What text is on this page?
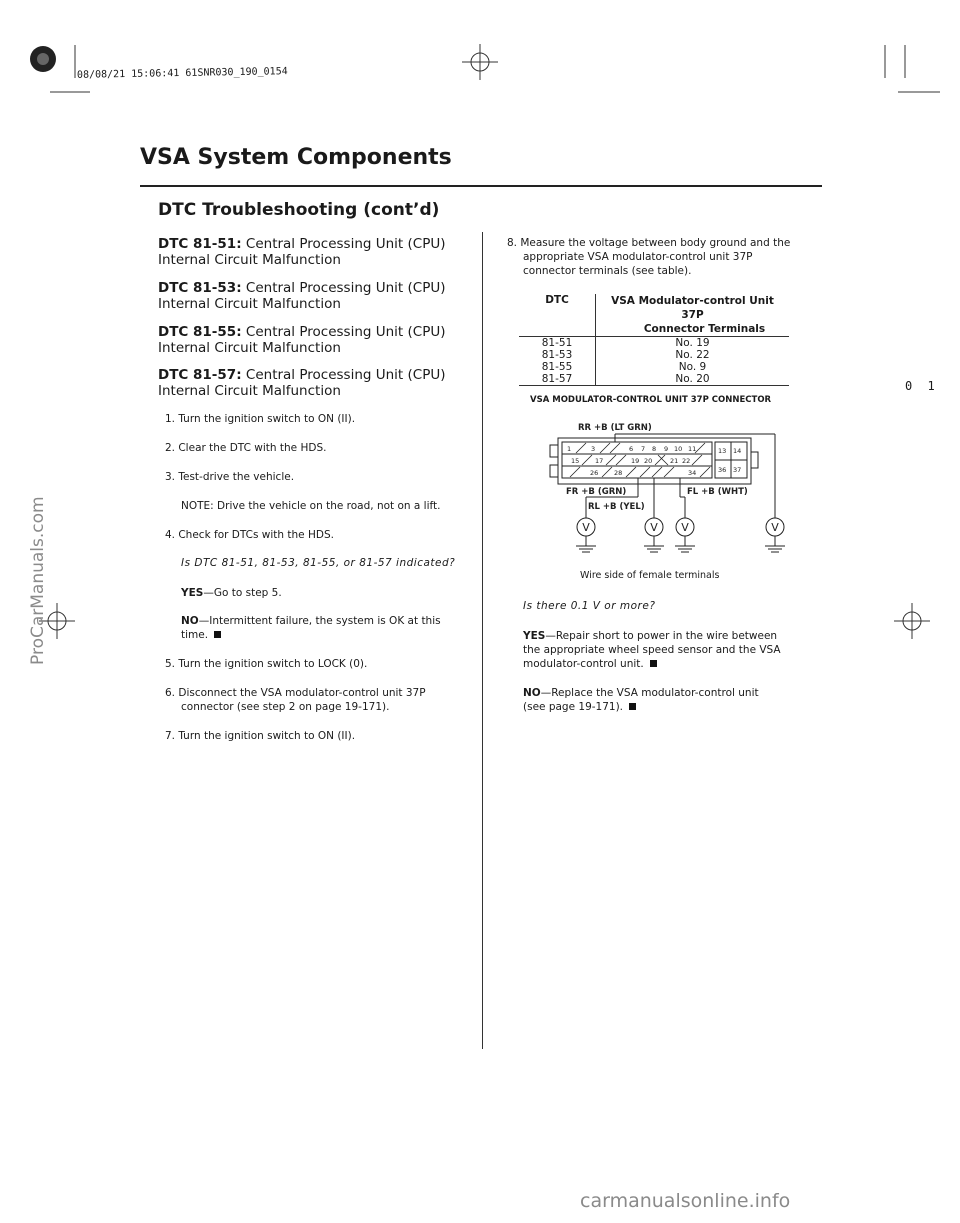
08/08/21 15:06:41 61SNR030_190_0154
0 1
ProCarManuals.com
carmanualsonline.info
VSA System Components
DTC Troubleshooting (cont’d)
DTC 81-51: Central Processing Unit (CPU)
Internal Circuit Malfunction
DTC 81-53: Central Processing Unit (CPU)
Internal Circuit Malfunction
DTC 81-55: Central Processing Unit (CPU)
Internal Circuit Malfunction
DTC 81-57: Central Processing Unit (CPU)
Internal Circuit Malfunction
1. Turn the ignition switch to ON (II).
2. Clear the DTC with the HDS.
3. Test-drive the vehicle.
NOTE: Drive the vehicle on the road, not on a lift.
4. Check for DTCs with the HDS.
Is DTC 81-51, 81-53, 81-55, or 81-57 indicated?
YES—Go to step 5.
NO—Intermittent failure, the system is OK at this
time.
5. Turn the ignition switch to LOCK (0).
6. Disconnect the VSA modulator-control unit 37P
connector (see step 2 on page 19-171).
7. Turn the ignition switch to ON (II).
8. Measure the voltage between body ground and the
appropriate VSA modulator-control unit 37P
connector terminals (see table).
DTC	VSA Modulator-control Unit 37P
Connector Terminals
81-51	No. 19
81-53	No. 22
81-55	No. 9
81-57	No. 20
VSA MODULATOR-CONTROL UNIT 37P CONNECTOR
RR +B (LT GRN)
FR +B (GRN)
RL +B (YEL)
FL +B (WHT)
1	3	6 7 8 9 10 11	13 14
15 17	19 20	21 22
36 37
26 28	34
V	V V	V
Wire side of female terminals
Is there 0.1 V or more?
YES—Repair short to power in the wire between
the appropriate wheel speed sensor and the VSA
modulator-control unit.
NO—Replace the VSA modulator-control unit
(see page 19-171).
